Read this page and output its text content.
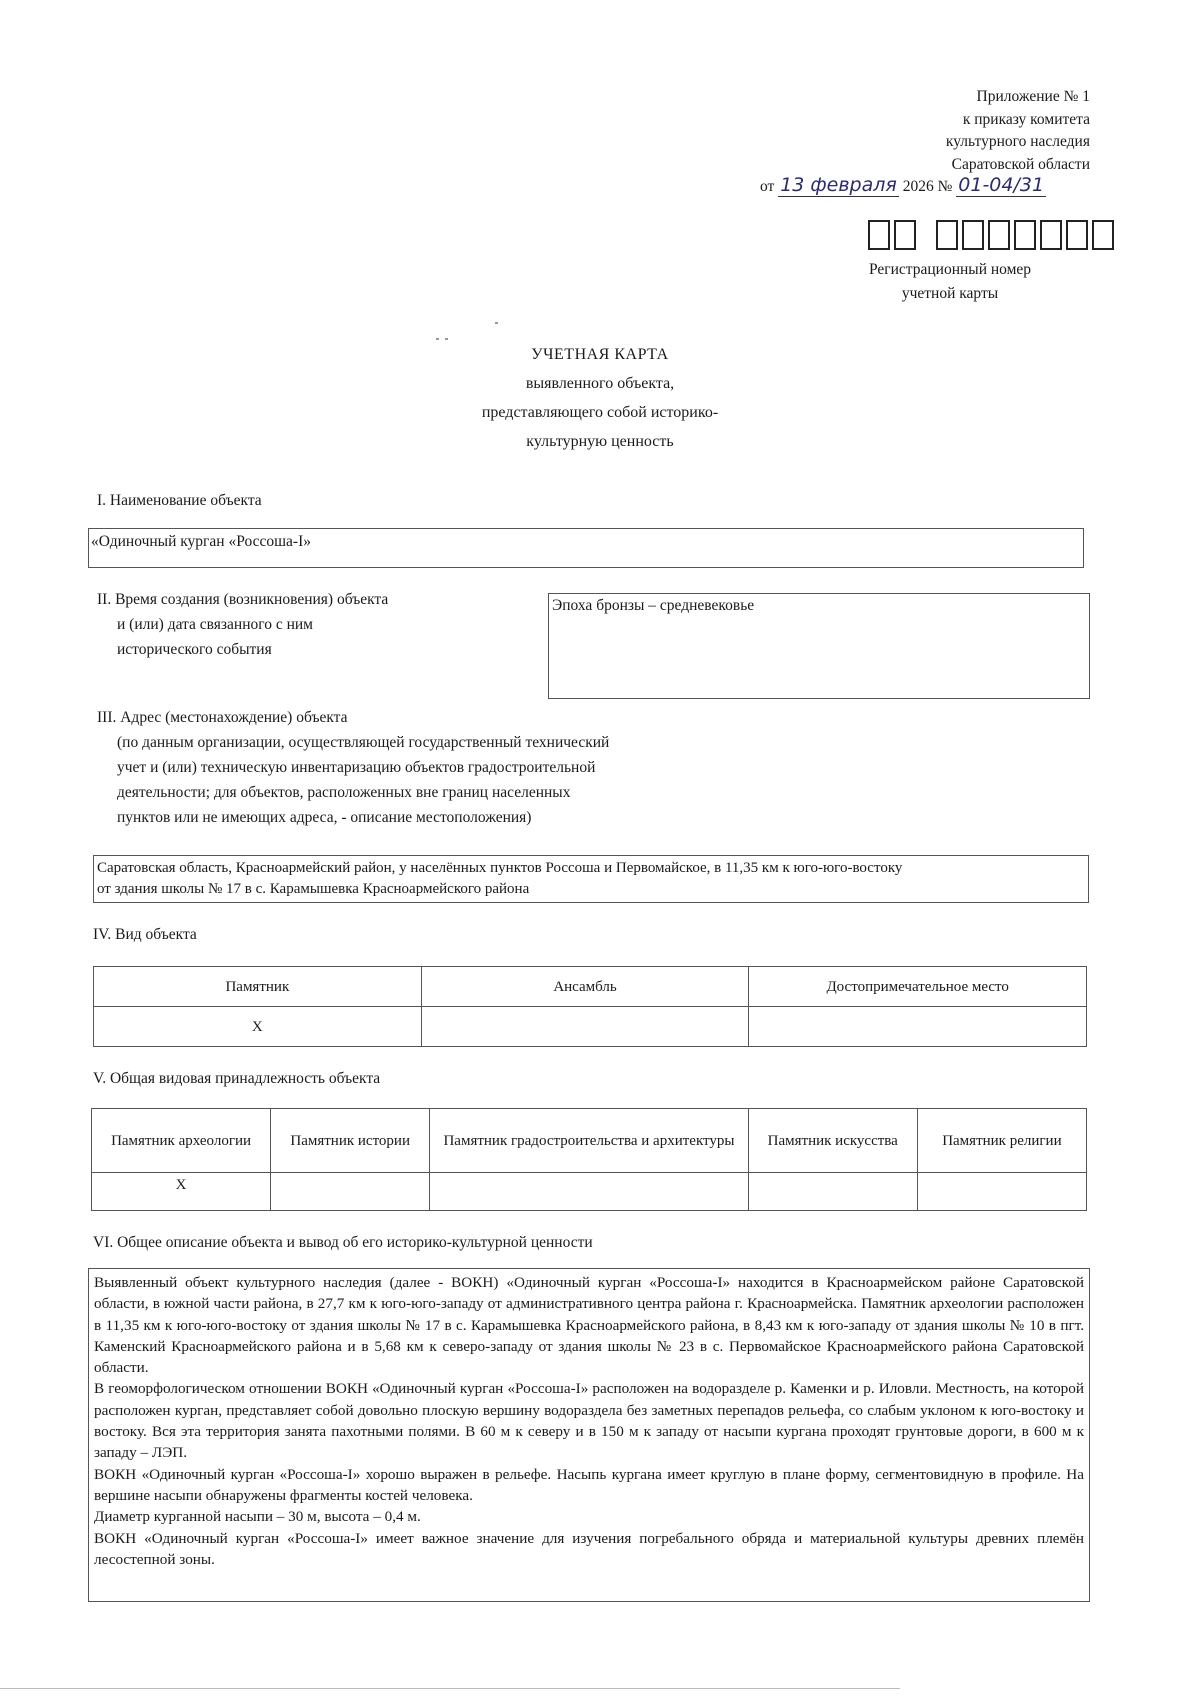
Приложение № 1
к приказу комитета
культурного наследия
Саратовской области
от 13 февраля 2026 № 01-04/31
Регистрационный номер
учетной карты
УЧЕТНАЯ КАРТА
выявленного объекта,
представляющего собой историко-
культурную ценность
I. Наименование объекта
«Одиночный курган «Россоша-I»
II. Время создания (возникновения) объекта
и (или) дата связанного с ним
исторического события
Эпоха бронзы – средневековье
III. Адрес (местонахождение) объекта
(по данным организации, осуществляющей государственный технический
учет и (или) техническую инвентаризацию объектов градостроительной
деятельности; для объектов, расположенных вне границ населенных
пунктов или не имеющих адреса, - описание местоположения)
Саратовская область, Красноармейский район, у населённых пунктов Россоша и Первомайское, в 11,35 км к юго-юго-востоку
от здания школы № 17 в с. Карамышевка Красноармейского района
IV. Вид объекта
Памятник	Ансамбль	Достопримечательное место
X		
V. Общая видовая принадлежность объекта
Памятник археологии	Памятник истории	Памятник градостроительства и архитектуры	Памятник искусства	Памятник религии
X				
VI. Общее описание объекта и вывод об его историко-культурной ценности

Выявленный объект культурного наследия (далее - ВОКН) «Одиночный курган «Россоша-I» находится в Красноармейском районе Саратовской области, в южной части района, в 27,7 км к юго-юго-западу от административного центра района г. Красноармейска. Памятник археологии расположен в 11,35 км к юго-юго-востоку от здания школы № 17 в с. Карамышевка Красноармейского района, в 8,43 км к юго-западу от здания школы № 10 в пгт. Каменский Красноармейского района и в 5,68 км к северо-западу от здания школы № 23 в с. Первомайское Красноармейского района Саратовской области.

В геоморфологическом отношении ВОКН «Одиночный курган «Россоша-I» расположен на водоразделе р. Каменки и р. Иловли. Местность, на которой расположен курган, представляет собой довольно плоскую вершину водораздела без заметных перепадов рельефа, со слабым уклоном к юго-востоку и востоку. Вся эта территория занята пахотными полями. В 60 м к северу и в 150 м к западу от насыпи кургана проходят грунтовые дороги, в 600 м к западу – ЛЭП.

ВОКН «Одиночный курган «Россоша-I» хорошо выражен в рельефе. Насыпь кургана имеет круглую в плане форму, сегментовидную в профиле. На вершине насыпи обнаружены фрагменты костей человека.

Диаметр курганной насыпи – 30 м, высота – 0,4 м.

ВОКН «Одиночный курган «Россоша-I» имеет важное значение для изучения погребального обряда и материальной культуры древних племён лесостепной зоны.
